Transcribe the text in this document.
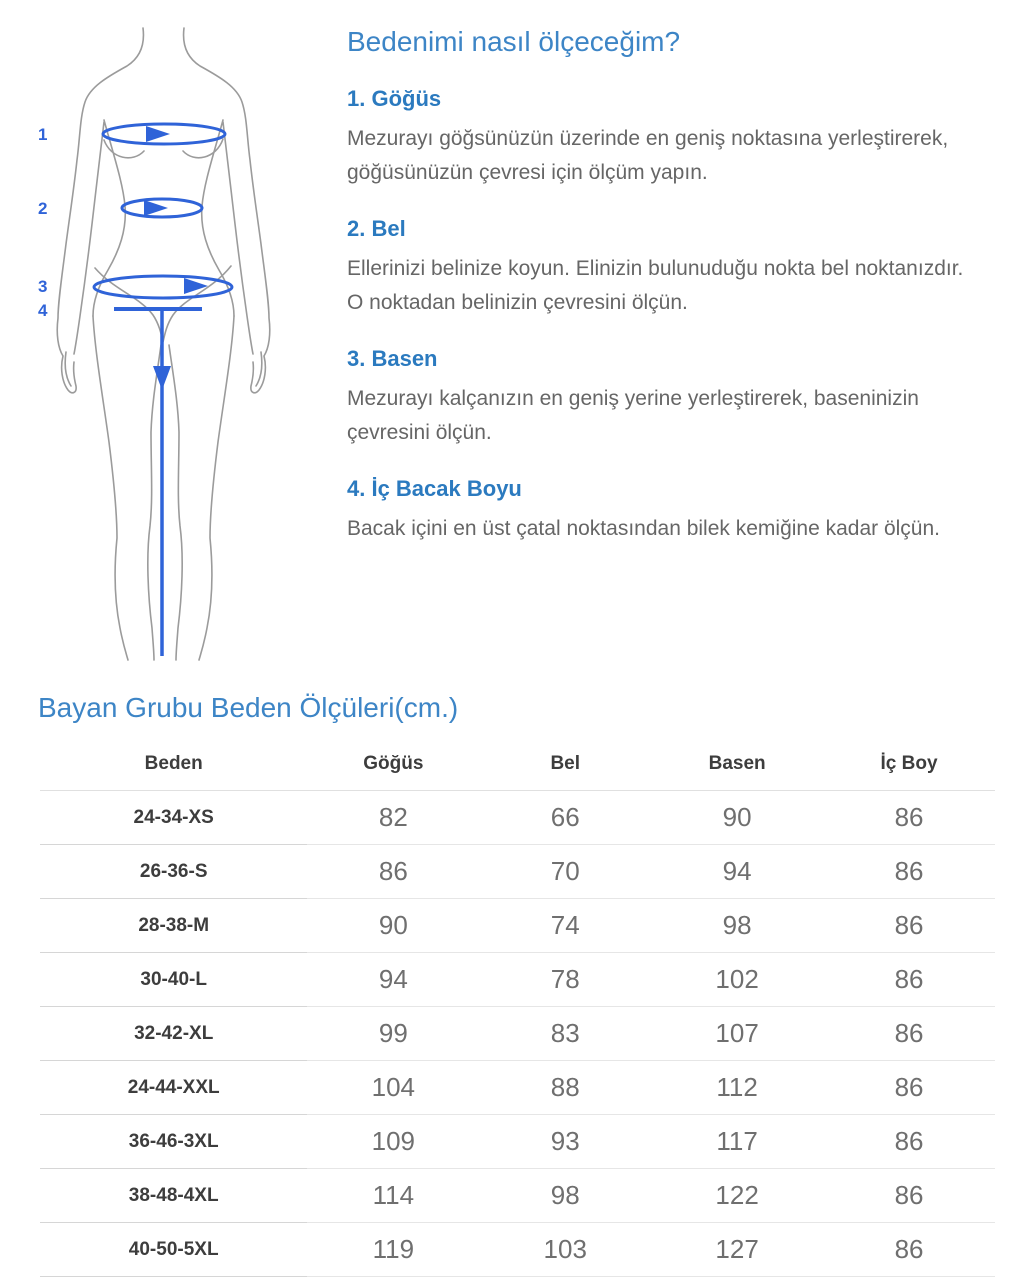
1
2
3
4
Bedenimi nasıl ölçeceğim?
1. Göğüs

Mezurayı göğsünüzün üzerinde en geniş noktasına yerleştirerek, göğüsünüzün çevresi için ölçüm yapın.

2. Bel

Ellerinizi belinize koyun. Elinizin bulunuduğu nokta bel noktanızdır. O noktadan belinizin çevresini ölçün.

3. Basen

Mezurayı kalçanızın en geniş yerine yerleştirerek, baseninizin çevresini ölçün.

4. İç Bacak Boyu

Bacak içini en üst çatal noktasından bilek kemiğine kadar ölçün.

Bayan Grubu Beden Ölçüleri(cm.)
Beden	Göğüs	Bel	Basen	İç Boy
24-34-XS	82	66	90	86
26-36-S	86	70	94	86
28-38-M	90	74	98	86
30-40-L	94	78	102	86
32-42-XL	99	83	107	86
24-44-XXL	104	88	112	86
36-46-3XL	109	93	117	86
38-48-4XL	114	98	122	86
40-50-5XL	119	103	127	86
